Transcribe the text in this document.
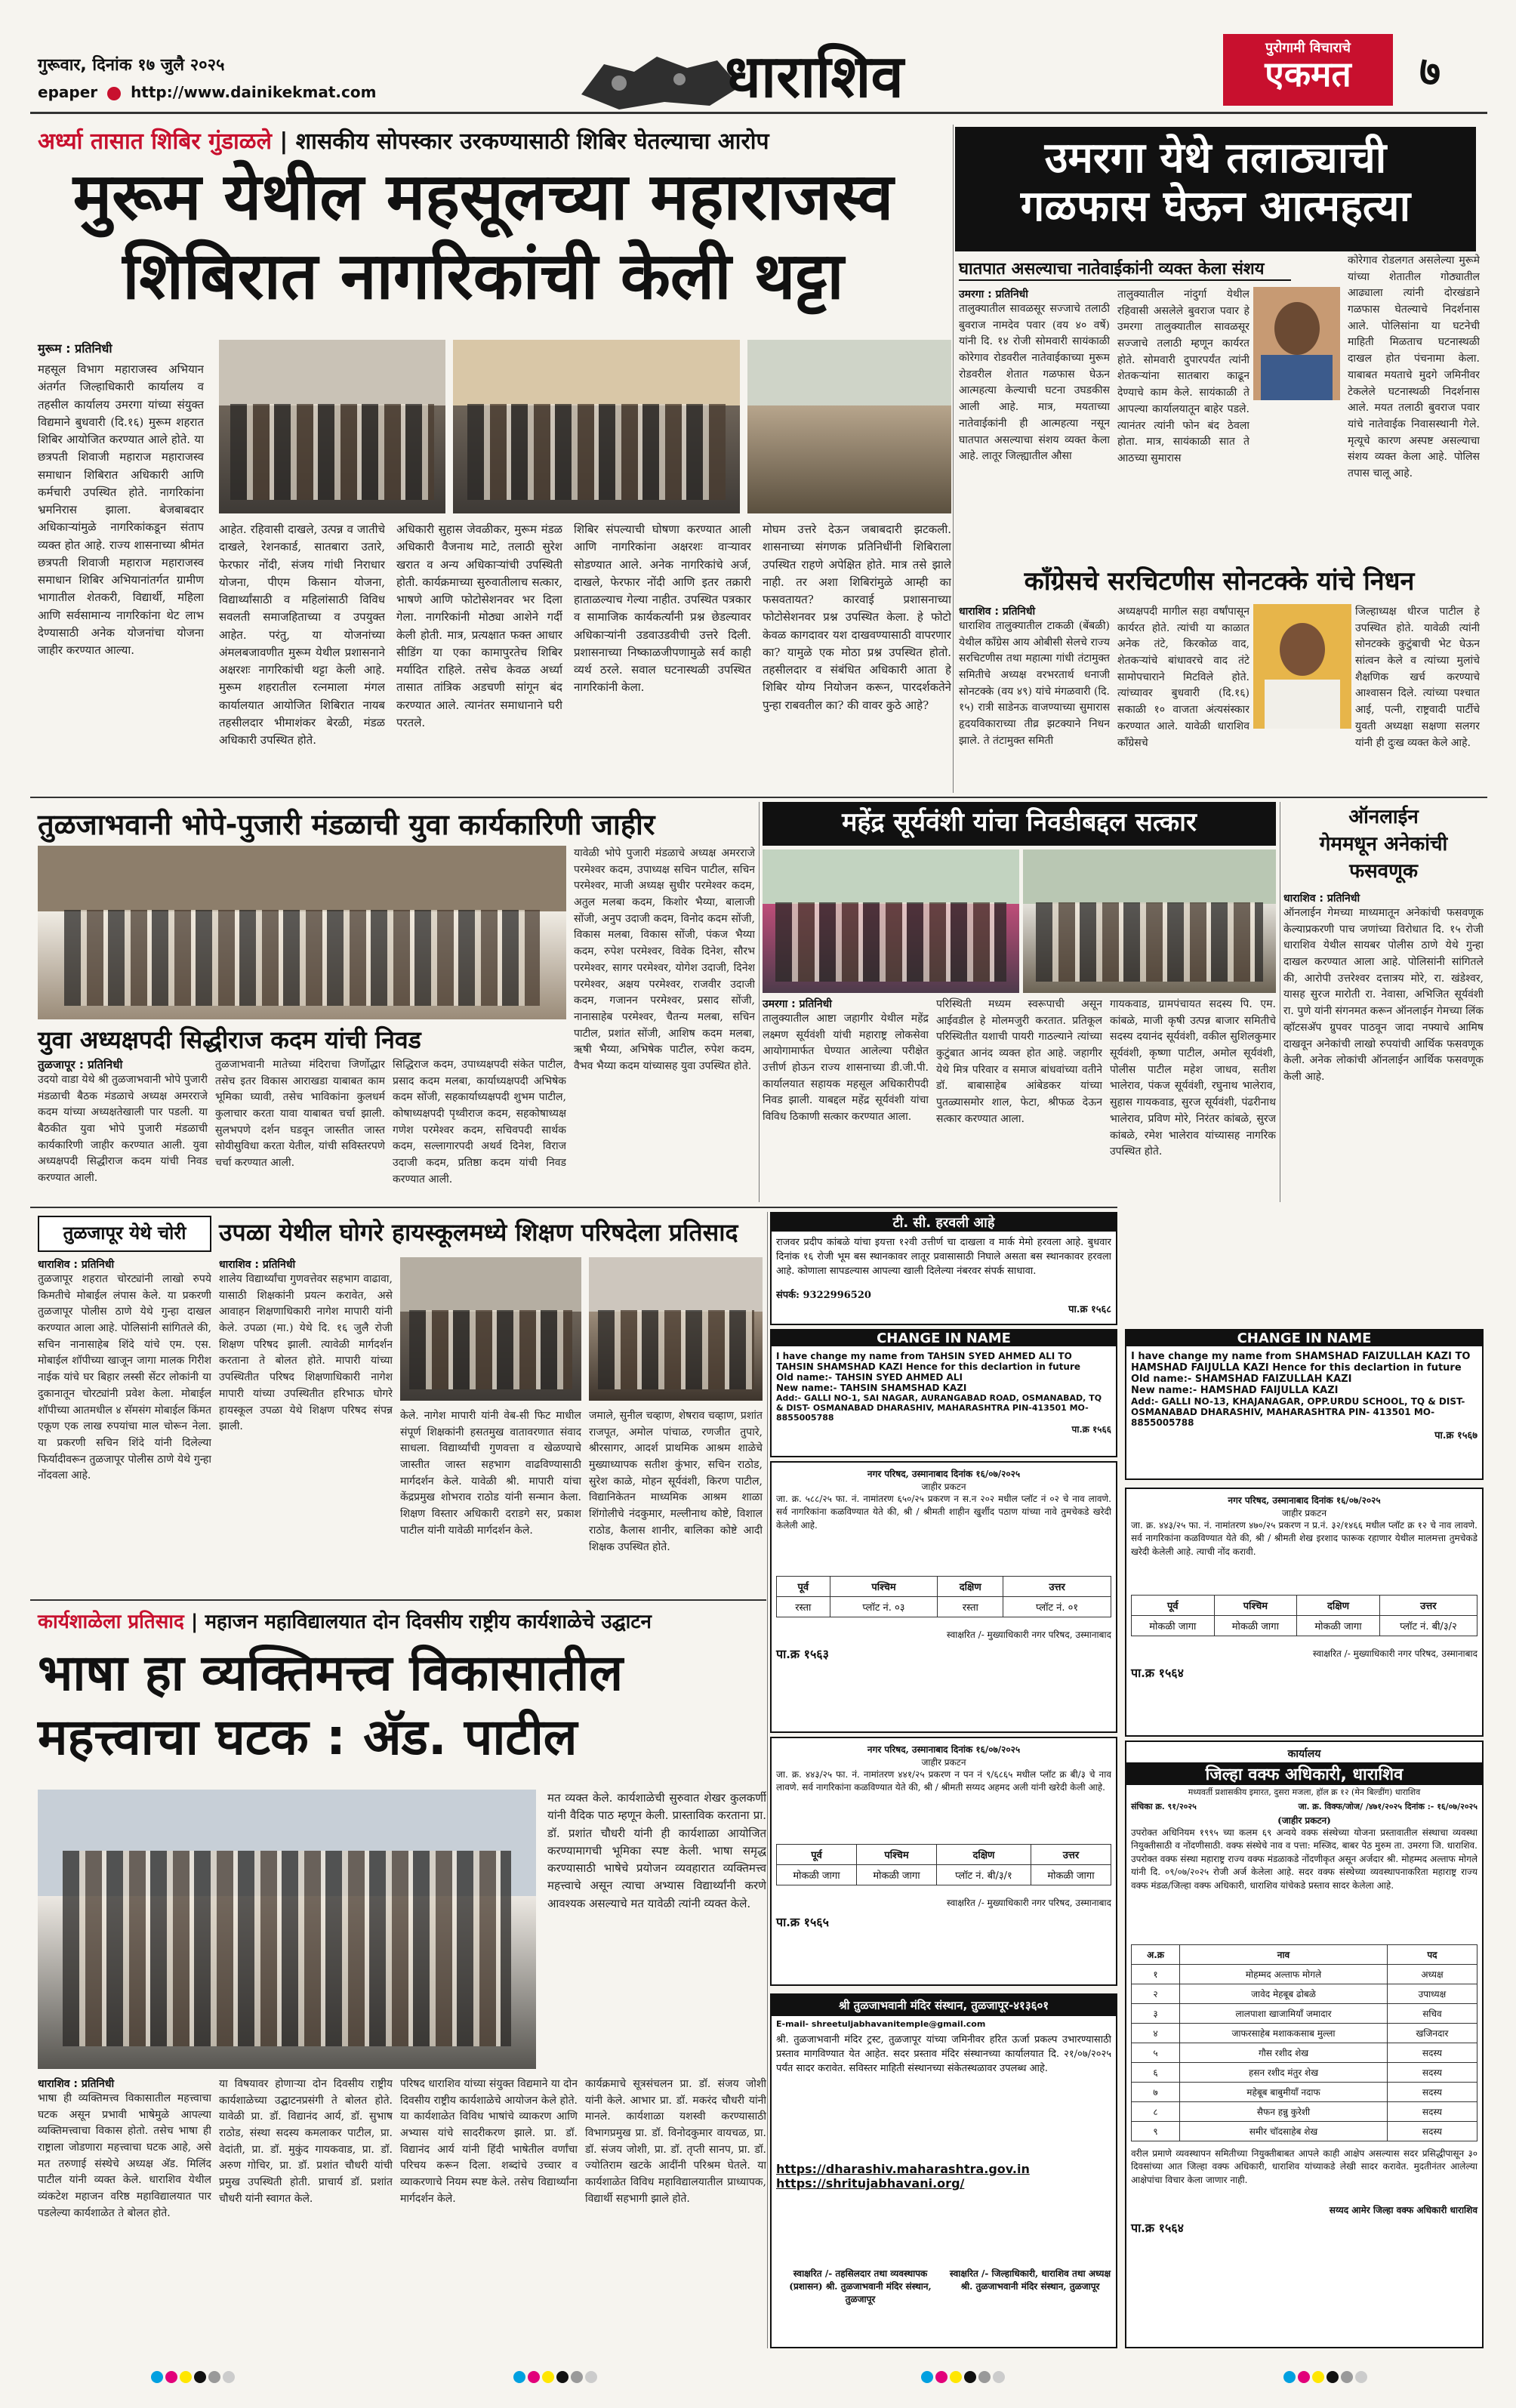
गुरूवार, दिनांक १७ जुलै २०२५
epaper http://www.dainikekmat.com	धाराशिव	पुरोगामी विचाराचे
एकमत	७
अर्ध्या तासात शिबिर गुंडाळले | शासकीय सोपस्कार उरकण्यासाठी शिबिर घेतल्याचा आरोप
मुरूम येथील महसूलच्या महाराजस्व
शिबिरात नागरिकांची केली थट्टा
मुरूम : प्रतिनिधी
महसूल विभाग महाराजस्व अभियान अंतर्गत जिल्हाधिकारी कार्यालय व तहसील कार्यालय उमरगा यांच्या संयुक्त विद्यमाने बुधवारी (दि.१६) मुरूम शहरात शिबिर आयोजित करण्यात आले होते. या छत्रपती शिवाजी महाराज महाराजस्व समाधान शिबिरात अधिकारी आणि कर्मचारी उपस्थित होते. नागरिकांना भ्रमनिरास झाला. बेजबाबदार अधिकाऱ्यांमुळे नागरिकांकडून संताप व्यक्त होत आहे. राज्य शासनाच्या श्रीमंत छत्रपती शिवाजी महाराज महाराजस्व समाधान शिबिर अभियानांतर्गत ग्रामीण भागातील शेतकरी, विद्यार्थी, महिला आणि सर्वसामान्य नागरिकांना थेट लाभ देण्यासाठी अनेक योजनांचा योजना जाहीर करण्यात आल्या.
आहेत. रहिवासी दाखले, उत्पन्न व जातीचे दाखले, रेशनकार्ड, सातबारा उतारे, फेरफार नोंदी, संजय गांधी निराधार योजना, पीएम किसान योजना, विद्यार्थ्यांसाठी व महिलांसाठी विविध सवलती समाजहिताच्या व उपयुक्त आहेत. परंतु, या योजनांच्या अंमलबजावणीत मुरूम येथील प्रशासनाने अक्षरशः नागरिकांची थट्टा केली आहे. मुरूम शहरातील रत्नमाला मंगल कार्यालयात आयोजित शिबिरात नायब तहसीलदार भीमाशंकर बेरळी, मंडळ अधिकारी उपस्थित होते.
अधिकारी सुहास जेवळीकर, मुरूम मंडळ अधिकारी वैजनाथ माटे, तलाठी सुरेश खरात व अन्य अधिकाऱ्यांची उपस्थिती होती. कार्यक्रमाच्या सुरुवातीलाच सत्कार, भाषणे आणि फोटोसेशनवर भर दिला गेला. नागरिकांनी मोठ्या आशेने गर्दी केली होती. मात्र, प्रत्यक्षात फक्त आधार सीडिंग या एका कामापुरतेच शिबिर मर्यादित राहिले. तसेच केवळ अर्ध्या तासात तांत्रिक अडचणी सांगून बंद करण्यात आले. त्यानंतर समाधानाने घरी परतले.
शिबिर संपल्याची घोषणा करण्यात आली आणि नागरिकांना अक्षरशः वाऱ्यावर सोडण्यात आले. अनेक नागरिकांचे अर्ज, दाखले, फेरफार नोंदी आणि इतर तक्रारी हाताळल्याच गेल्या नाहीत. उपस्थित पत्रकार व सामाजिक कार्यकर्त्यांनी प्रश्न छेडल्यावर अधिकाऱ्यांनी उडवाउडवीची उत्तरे दिली. प्रशासनाच्या निष्काळजीपणामुळे सर्व काही व्यर्थ ठरले. सवाल घटनास्थळी उपस्थित नागरिकांनी केला.
मोघम उत्तरे देऊन जबाबदारी झटकली. शासनाच्या संगणक प्रतिनिधींनी शिबिराला उपस्थित राहणे अपेक्षित होते. मात्र तसे झाले नाही. तर अशा शिबिरांमुळे आम्ही का फसवतायत? कारवाई प्रशासनाच्या फोटोसेशनवर प्रश्न उपस्थित केला. हे फोटो केवळ कागदावर यश दाखवण्यासाठी वापरणार का? यामुळे एक मोठा प्रश्न उपस्थित होतो. तहसीलदार व संबंधित अधिकारी आता हे शिबिर योग्य नियोजन करून, पारदर्शकतेने पुन्हा राबवतील का? की वावर कुठे आहे?
उमरगा येथे तलाठ्याची
गळफास घेऊन आत्महत्या
घातपात असल्याचा नातेवाईकांनी व्यक्त केला संशय
उमरगा : प्रतिनिधी
तालुक्यातील सावळसूर सज्जाचे तलाठी बुवराज नामदेव पवार (वय ४० वर्षे) यांनी दि. १४ रोजी सोमवारी सायंकाळी कोरेगाव रोडवरील नातेवाईकाच्या मुरूम रोडवरील शेतात गळफास घेऊन आत्महत्या केल्याची घटना उघडकीस आली आहे. मात्र, मयताच्या नातेवाईकांनी ही आत्महत्या नसून घातपात असल्याचा संशय व्यक्त केला आहे. लातूर जिल्ह्यातील औसा
तालुक्यातील नांदुर्गा येथील रहिवासी असलेले बुवराज पवार हे उमरगा तालुक्यातील सावळसूर सज्जाचे तलाठी म्हणून कार्यरत होते. सोमवारी दुपारपर्यंत त्यांनी शेतकऱ्यांना सातबारा काढून देण्याचे काम केले. सायंकाळी ते आपल्या कार्यालयातून बाहेर पडले. त्यानंतर त्यांनी फोन बंद ठेवला होता. मात्र, सायंकाळी सात ते आठच्या सुमारास
कोरेगाव रोडलगत असलेल्या मुरूमे यांच्या शेतातील गोठ्यातील आढ्याला त्यांनी दोरखंडाने गळफास घेतल्याचे निदर्शनास आले. पोलिसांना या घटनेची माहिती मिळताच घटनास्थळी दाखल होत पंचनामा केला. याबाबत मयताचे मुदगे जमिनीवर टेकलेले घटनास्थळी निदर्शनास आले. मयत तलाठी बुवराज पवार यांचे नातेवाईक निवासस्थानी गेले. मृत्यूचे कारण अस्पष्ट असल्याचा संशय व्यक्त केला आहे. पोलिस तपास चालू आहे.
काँग्रेसचे सरचिटणीस सोनटक्के यांचे निधन
धाराशिव : प्रतिनिधी
धाराशिव तालुक्यातील टाकळी (बेंबळी) येथील काँग्रेस आय ओबीसी सेलचे राज्य सरचिटणीस तथा महात्मा गांधी तंटामुक्त समितीचे अध्यक्ष वरभरतार्थ धनाजी सोनटक्के (वय ४९) यांचे मंगळवारी (दि. १५) रात्री साडेनऊ वाजण्याच्या सुमारास हृदयविकाराच्या तीव्र झटक्याने निधन झाले. ते तंटामुक्त समिती
अध्यक्षपदी मागील सहा वर्षांपासून कार्यरत होते. त्यांची या काळात अनेक तंटे, किरकोळ वाद, शेतकऱ्यांचे बांधावरचे वाद तंटे सामोपचाराने मिटविले होते. त्यांच्यावर बुधवारी (दि.१६) सकाळी १० वाजता अंत्यसंस्कार करण्यात आले. यावेळी धाराशिव काँग्रेसचे
जिल्हाध्यक्ष धीरज पाटील हे उपस्थित होते. यावेळी त्यांनी सोनटक्के कुटुंबाची भेट घेऊन सांत्वन केले व त्यांच्या मुलांचे शैक्षणिक खर्च करण्याचे आश्वासन दिले. त्यांच्या पश्चात आई, पत्नी, राष्ट्रवादी पार्टीचे युवती अध्यक्षा सक्षणा सलगर यांनी ही दुःख व्यक्त केले आहे.
तुळजाभवानी भोपे-पुजारी मंडळाची युवा कार्यकारिणी जाहीर
युवा अध्यक्षपदी सिद्धीराज कदम यांची निवड
तुळजापूर : प्रतिनिधी
उदयो वाडा येथे श्री तुळजाभवानी भोपे पुजारी मंडळाची बैठक मंडळाचे अध्यक्ष अमरराजे कदम यांच्या अध्यक्षतेखाली पार पडली. या बैठकीत युवा भोपे पुजारी मंडळाची कार्यकारिणी जाहीर करण्यात आली. युवा अध्यक्षपदी सिद्धीराज कदम यांची निवड करण्यात आली.
तुळजाभवानी मातेच्या मंदिराचा जिर्णोद्धार तसेच इतर विकास आराखडा याबाबत काम भूमिका घ्यावी, तसेच भाविकांना कुलधर्म कुलाचार करता यावा याबाबत चर्चा झाली. सुलभपणे दर्शन घडवून जास्तीत जास्त सोयीसुविधा करता येतील, यांची सविस्तरपणे चर्चा करण्यात आली.
सिद्धिराज कदम, उपाध्यक्षपदी संकेत पाटील, प्रसाद कदम मलबा, कार्याध्यक्षपदी अभिषेक कदम सोंजी, सहकार्याध्यक्षपदी शुभम पाटील, कोषाध्यक्षपदी पृथ्वीराज कदम, सहकोषाध्यक्ष गणेश परमेश्वर कदम, सचिवपदी सार्थक कदम, सल्लागारपदी अथर्व दिनेश, विराज उदाजी कदम, प्रतिष्ठा कदम यांची निवड करण्यात आली.
यावेळी भोपे पुजारी मंडळाचे अध्यक्ष अमरराजे परमेश्वर कदम, उपाध्यक्ष सचिन पाटील, सचिन परमेश्वर, माजी अध्यक्ष सुधीर परमेश्वर कदम, अतुल मलबा कदम, किशोर भैय्या, बालाजी सोंजी, अनुप उदाजी कदम, विनोद कदम सोंजी, विकास मलबा, विकास सोंजी, पंकज भैय्या कदम, रुपेश परमेश्वर, विवेक दिनेश, सौरभ परमेश्वर, सागर परमेश्वर, योगेश उदाजी, दिनेश परमेश्वर, अक्षय परमेश्वर, राजवीर उदाजी कदम, गजानन परमेश्वर, प्रसाद सोंजी, नानासाहेब परमेश्वर, चैतन्य मलबा, सचिन पाटील, प्रशांत सोंजी, आशिष कदम मलबा, ऋषी भैय्या, अभिषेक पाटील, रुपेश कदम, वैभव भैय्या कदम यांच्यासह युवा उपस्थित होते.
महेंद्र सूर्यवंशी यांचा निवडीबद्दल सत्कार
उमरगा : प्रतिनिधी
तालुक्यातील आष्टा जहागीर येथील महेंद्र लक्ष्मण सूर्यवंशी यांची महाराष्ट्र लोकसेवा आयोगामार्फत घेण्यात आलेल्या परीक्षेत उत्तीर्ण होऊन राज्य शासनाच्या डी.जी.पी. कार्यालयात सहायक महसूल अधिकारीपदी निवड झाली. याबद्दल महेंद्र सूर्यवंशी यांचा विविध ठिकाणी सत्कार करण्यात आला.
परिस्थिती मध्यम स्वरूपाची असून आईवडील हे मोलमजुरी करतात. प्रतिकूल परिस्थितीत यशाची पायरी गाठल्याने त्यांच्या कुटुंबात आनंद व्यक्त होत आहे. जहागीर येथे मित्र परिवार व समाज बांधवांच्या वतीने डॉ. बाबासाहेब आंबेडकर यांच्या पुतळ्यासमोर शाल, फेटा, श्रीफळ देऊन सत्कार करण्यात आला.
गायकवाड, ग्रामपंचायत सदस्य पि. एम. कांबळे, माजी कृषी उत्पन्न बाजार समितीचे सदस्य दयानंद सूर्यवंशी, वकील सुशिलकुमार सूर्यवंशी, कृष्णा पाटील, अमोल सूर्यवंशी, पोलीस पाटील महेश जाधव, सतीश भालेराव, पंकज सूर्यवंशी, रघुनाथ भालेराव, सुहास गायकवाड, सुरज सूर्यवंशी, पंढरीनाथ भालेराव, प्रविण मोरे, निरंतर कांबळे, सुरज कांबळे, रमेश भालेराव यांच्यासह नागरिक उपस्थित होते.
ऑनलाईन
गेममधून अनेकांची फसवणूक
धाराशिव : प्रतिनिधी
ऑनलाईन गेमच्या माध्यमातून अनेकांची फसवणूक केल्याप्रकरणी पाच जणांच्या विरोधात दि. १५ रोजी धाराशिव येथील सायबर पोलीस ठाणे येथे गुन्हा दाखल करण्यात आला आहे. पोलिसांनी सांगितले की, आरोपी उत्तरेश्वर दत्तात्रय मोरे, रा. खंडेश्वर, यासह सुरज मारोती रा. नेवासा, अभिजित सूर्यवंशी रा. पुणे यांनी संगनमत करून ऑनलाईन गेमच्या लिंक व्हॉटसअ‍ॅप ग्रुपवर पाठवून जादा नफ्याचे आमिष दाखवून अनेकांची लाखो रुपयांची आर्थिक फसवणूक केली. अनेक लोकांची ऑनलाईन आर्थिक फसवणूक केली आहे.
तुळजापूर येथे चोरी
धाराशिव : प्रतिनिधी
तुळजापूर शहरात चोरट्यांनी लाखो रुपये किमतीचे मोबाईल लंपास केले. या प्रकरणी तुळजापूर पोलीस ठाणे येथे गुन्हा दाखल करण्यात आला आहे. पोलिसांनी सांगितले की, सचिन नानासाहेब शिंदे यांचे एम. एस. मोबाईल शॉपीच्या खाजून जागा मालक गिरीश नाईक यांचे घर बिहार लस्सी सेंटर लोकांनी या दुकानातून चोरट्यांनी प्रवेश केला. मोबाईल शॉपीच्या आतमधील ४ सॅमसंग मोबाईल किंमत एकूण एक लाख रुपयांचा माल चोरून नेला. या प्रकरणी सचिन शिंदे यांनी दिलेल्या फिर्यादीवरून तुळजापूर पोलीस ठाणे येथे गुन्हा नोंदवला आहे.
उपळा येथील घोगरे हायस्कूलमध्ये शिक्षण परिषदेला प्रतिसाद
धाराशिव : प्रतिनिधी
शालेय विद्यार्थ्यांचा गुणवत्तेवर सहभाग वाढावा, यासाठी शिक्षकांनी प्रयत्न करावेत, असे आवाहन शिक्षणाधिकारी नागेश मापारी यांनी केले. उपळा (मा.) येथे दि. १६ जुलै रोजी शिक्षण परिषद झाली. त्यावेळी मार्गदर्शन करताना ते बोलत होते. मापारी यांच्या उपस्थितीत परिषद शिक्षणाधिकारी नागेश मापारी यांच्या उपस्थितीत हरिभाऊ घोगरे हायस्कूल उपळा येथे शिक्षण परिषद संपन्न झाली.
केले. नागेश मापारी यांनी वेब-सी फिट माधील संपूर्ण शिक्षकांनी हसतमुख वातावरणात संवाद साधला. विद्यार्थ्यांची गुणवत्ता व खेळण्याचे जास्तीत जास्त सहभाग वाढविण्यासाठी मार्गदर्शन केले. यावेळी श्री. मापारी यांचा केंद्रप्रमुख शोभराव राठोड यांनी सन्मान केला. शिक्षण विस्तार अधिकारी दराडगे सर, प्रकाश पाटील यांनी यावेळी मार्गदर्शन केले.
जमाले, सुनील चव्हाण, शेषराव चव्हाण, प्रशांत राजपूत, अमोल पांचाळ, रणजीत तुपारे, श्रीरसागर, आदर्श प्राथमिक आश्रम शाळेचे मुख्याध्यापक सतीश कुंभार, सचिन राठोड, सुरेश काळे, मोहन सूर्यवंशी, किरण पाटील, विद्यानिकेतन माध्यमिक आश्रम शाळा शिंगोलीचे नंदकुमार, मल्लीनाथ कोष्टे, विशाल राठोड, कैलास शानीर, बालिका कोष्टे आदी शिक्षक उपस्थित होते.
कार्यशाळेला प्रतिसाद | महाजन महाविद्यालयात दोन दिवसीय राष्ट्रीय कार्यशाळेचे उद्घाटन
भाषा हा व्यक्तिमत्त्व विकासातील
महत्त्वाचा घटक : अ‍ॅड. पाटील
मत व्यक्त केले. कार्यशाळेची सुरुवात शेखर कुलकर्णी यांनी वैदिक पाठ म्हणून केली. प्रास्ताविक करताना प्रा. डॉ. प्रशांत चौधरी यांनी ही कार्यशाळा आयोजित करण्यामागची भूमिका स्पष्ट केली. भाषा समृद्ध करण्यासाठी भाषेचे प्रयोजन व्यवहारात व्यक्तिमत्त्व महत्त्वाचे असून त्याचा अभ्यास विद्यार्थ्यांनी करणे आवश्यक असल्याचे मत यावेळी त्यांनी व्यक्त केले.
धाराशिव : प्रतिनिधी
भाषा ही व्यक्तिमत्त्व विकासातील महत्त्वाचा घटक असून प्रभावी भाषेमुळे आपल्या व्यक्तिमत्त्वाचा विकास होतो. तसेच भाषा ही राष्ट्राला जोडणारा महत्त्वाचा घटक आहे, असे मत तरुणाई संस्थेचे अध्यक्ष अ‍ॅड. मिलिंद पाटील यांनी व्यक्त केले. धाराशिव येथील व्यंकटेश महाजन वरिष्ठ महाविद्यालयात पार पडलेल्या कार्यशाळेत ते बोलत होते.
या विषयावर होणाऱ्या दोन दिवसीय राष्ट्रीय कार्यशाळेच्या उद्घाटनप्रसंगी ते बोलत होते. यावेळी प्रा. डॉ. विद्यानंद आर्य, डॉ. सुभाष राठोड, संस्था सदस्य कमलाकर पाटील, प्रा. वेदांती, प्रा. डॉ. मुकुंद गायकवाड, प्रा. डॉ. अरुण गोचिर, प्रा. डॉ. प्रशांत चौधरी यांची प्रमुख उपस्थिती होती. प्राचार्य डॉ. प्रशांत चौधरी यांनी स्वागत केले.
परिषद धाराशिव यांच्या संयुक्त विद्यमाने या दोन दिवसीय राष्ट्रीय कार्यशाळेचे आयोजन केले होते. या कार्यशाळेत विविध भाषांचे व्याकरण आणि अभ्यास यांचे सादरीकरण झाले. प्रा. डॉ. विद्यानंद आर्य यांनी हिंदी भाषेतील वर्णांचा परिचय करून दिला. शब्दांचे उच्चार व व्याकरणाचे नियम स्पष्ट केले. तसेच विद्यार्थ्यांना मार्गदर्शन केले.
कार्यक्रमाचे सूत्रसंचलन प्रा. डॉ. संजय जोशी यांनी केले. आभार प्रा. डॉ. मकरंद चौधरी यांनी मानले. कार्यशाळा यशस्वी करण्यासाठी विभागप्रमुख प्रा. डॉ. विनोदकुमार वायचळ, प्रा. डॉ. संजय जोशी, प्रा. डॉ. तृप्ती सानप, प्रा. डॉ. ज्योतिराम खटके आदींनी परिश्रम घेतले. या कार्यशाळेत विविध महाविद्यालयातील प्राध्यापक, विद्यार्थी सहभागी झाले होते.
टी. सी. हरवली आहे
राजवर प्रदीप कांबळे यांचा इयत्ता १२वी उत्तीर्ण चा दाखला व मार्क मेमो हरवला आहे. बुधवार दिनांक १६ रोजी भूम बस स्थानकावर लातूर प्रवासासाठी निघाले असता बस स्थानकावर हरवला आहे. कोणाला सापडल्यास आपल्या खाली दिलेल्या नंबरवर संपर्क साधावा.
संपर्क: 9322996520
पा.क्र १५६८
CHANGE IN NAME
I have change my name from TAHSIN SYED AHMED ALI TO TAHSIN SHAMSHAD KAZI Hence for this declartion in future
Old name:- TAHSIN SYED AHMED ALI
New name:- TAHSIN SHAMSHAD KAZI
Add:- GALLI NO-1, SAI NAGAR, AURANGABAD ROAD, OSMANABAD, TQ & DIST- OSMANABAD DHARASHIV, MAHARASHTRA PIN-413501 MO-8855005788
पा.क्र १५६६
नगर परिषद, उस्मानाबाद दिनांक १६/०७/२०२५
जाहीर प्रकटन
जा. क्र. ५८८/२५ फा. नं. नामांतरण ६५०/२५ प्रकरण न स.न २०२ मधील प्लॉट नं ०२ चे नाव लावणे. सर्व नागरिकांना कळविण्यात येते की, श्री / श्रीमती शाहीन खुर्शीद पठाण यांच्या नावे तुमचेकडे खरेदी केलेली आहे.
पूर्व	पश्चिम	दक्षिण	उत्तर
रस्ता	प्लॉट नं. ०३	रस्ता	प्लॉट नं. ०१
स्वाक्षरित /- मुख्याधिकारी नगर परिषद, उस्मानाबाद
पा.क्र १५६३
नगर परिषद, उस्मानाबाद दिनांक १६/०७/२०२५
जाहीर प्रकटन
जा. क्र. ४४३/२५ फा. नं. नामांतरण ४४१/२५ प्रकरण न पन नं ९/६८६५ मधील प्लॉट क्र बी/३ चे नाव लावणे. सर्व नागरिकांना कळविण्यात येते की, श्री / श्रीमती सय्यद अहमद अली यांनी खरेदी केली आहे.
पूर्व	पश्चिम	दक्षिण	उत्तर
मोकळी जागा	मोकळी जागा	प्लॉट नं. बी/३/१	मोकळी जागा
स्वाक्षरित /- मुख्याधिकारी नगर परिषद, उस्मानाबाद
पा.क्र १५६५
श्री तुळजाभवानी मंदिर संस्थान, तुळजापूर-४१३६०१
E-mail- shreetuljabhavanitemple@gmail.com
श्री. तुळजाभवानी मंदिर ट्रस्ट, तुळजापूर यांच्या जमिनीवर हरित ऊर्जा प्रकल्प उभारण्यासाठी प्रस्ताव मागविण्यात येत आहेत. सदर प्रस्ताव मंदिर संस्थानच्या कार्यालयात दि. २१/०७/२०२५ पर्यंत सादर करावेत. सविस्तर माहिती संस्थानच्या संकेतस्थळावर उपलब्ध आहे.
https://dharashiv.maharashtra.gov.in
https://shritujabhavani.org/
स्वाक्षरित /- तहसिलदार तथा व्यवस्थापक (प्रशासन) श्री. तुळजाभवानी मंदिर संस्थान, तुळजापूर
स्वाक्षरित /- जिल्हाधिकारी, धाराशिव तथा अध्यक्ष श्री. तुळजाभवानी मंदिर संस्थान, तुळजापूर
CHANGE IN NAME
I have change my name from SHAMSHAD FAIZULLAH KAZI TO HAMSHAD FAIJULLA KAZI Hence for this declartion in future
Old name:- SHAMSHAD FAIZULLAH KAZI
New name:- HAMSHAD FAIJULLA KAZI
Add:- GALLI NO-13, KHAJANAGAR, OPP.URDU SCHOOL, TQ & DIST- OSMANABAD DHARASHIV, MAHARASHTRA PIN- 413501 MO-8855005788
पा.क्र १५६७
नगर परिषद, उस्मानाबाद दिनांक १६/०७/२०२५
जाहीर प्रकटन
जा. क्र. ४४३/२५ फा. नं. नामांतरण ४७०/२५ प्रकरण न प्र.नं. ३२/१४६६ मधील प्लॉट क्र १२ चे नाव लावणे. सर्व नागरिकांना कळविण्यात येते की, श्री / श्रीमती शेख इरशाद फारूक रहाणार येथील मालमत्ता तुमचेकडे खरेदी केलेली आहे. त्याची नोंद करावी.
पूर्व	पश्चिम	दक्षिण	उत्तर
मोकळी जागा	मोकळी जागा	मोकळी जागा	प्लॉट नं. बी/३/२
स्वाक्षरित /- मुख्याधिकारी नगर परिषद, उस्मानाबाद
पा.क्र १५६४
कार्यालय
जिल्हा वक्फ अधिकारी, धाराशिव
मध्यवर्ती प्रशासकीय इमारत, दुसरा मजला, हॉल क्र १२ (मेन बिल्डींग) धाराशिव
संचिका क्र. ९१/२०२५	जा. क्र. विक्फ/जोज/ /४७१/२०२५ दिनांक :- १६/०७/२०२५
(जाहीर प्रकटन)
उपरोक्त अधिनियम १९९५ च्या कलम ६९ अन्वये वक्फ संस्थेच्या योजना प्रस्तावातील संस्थाचा व्यवस्था नियुक्तीसाठी व नोंदणीसाठी. वक्फ संस्थेचे नाव व पत्ता: मस्जिद, बाबर पेठ मुरुम ता. उमरगा जि. धाराशिव. उपरोक्त वक्फ संस्था महाराष्ट्र राज्य वक्फ मंडळाकडे नोंदणीकृत असून अर्जदार श्री. मोहम्मद अल्ताफ मोगले यांनी दि. ०९/०७/२०२५ रोजी अर्ज केलेला आहे. सदर वक्फ संस्थेच्या व्यवस्थापनाकरिता महाराष्ट्र राज्य वक्फ मंडळ/जिल्हा वक्फ अधिकारी, धाराशिव यांचेकडे प्रस्ताव सादर केलेला आहे.
अ.क्र	नाव	पद
१	मोहम्मद अल्ताफ मोगले	अध्यक्ष
२	जावेद मेहबूब ढोबळे	उपाध्यक्ष
३	लालपाशा खाजामियाँ जमादार	सचिव
४	जाफरसाहेब मशाककसाब मुल्ला	खजिनदार
५	गौस रशीद शेख	सदस्य
६	हसन रशीद मंतुर शेख	सदस्य
७	महेबूब बाबुमीयाँ नदाफ	सदस्य
८	सैफन हन्नु कुरेशी	सदस्य
९	समीर चॉदसाहेब शेख	सदस्य
वरील प्रमाणे व्यवस्थापन समितीच्या नियुक्तीबाबत आपले काही आक्षेप असल्यास सदर प्रसिद्धीपासून ३० दिवसांच्या आत जिल्हा वक्फ अधिकारी, धाराशिव यांच्याकडे लेखी सादर करावेत. मुदतीनंतर आलेल्या आक्षेपांचा विचार केला जाणार नाही.
सय्यद आमेर जिल्हा वक्फ अधिकारी धाराशिव
पा.क्र १५६४
